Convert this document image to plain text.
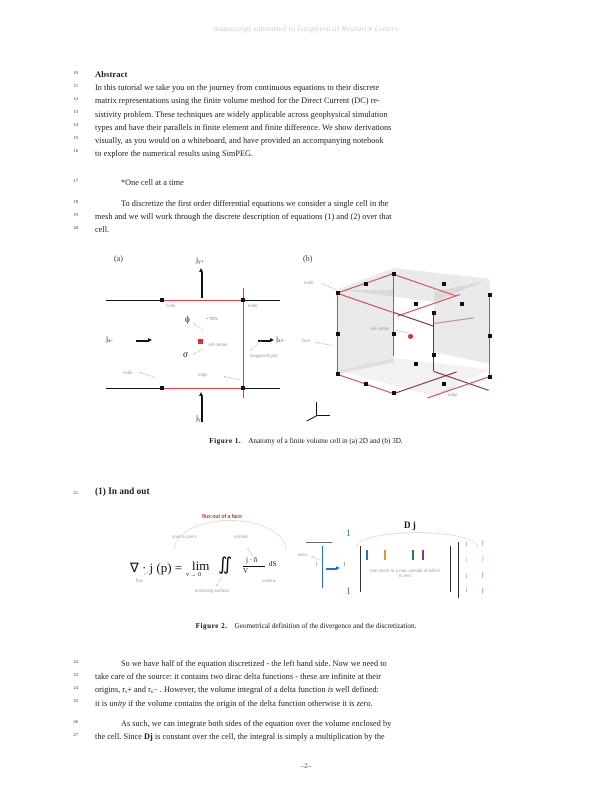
manuscript submitted to Geophysical Research Letters
10
11
12
13
14
15
16
Abstract
In this tutorial we take you on the journey from continuous equations to their discrete
matrix representations using the finite volume method for the Direct Current (DC) re-
sistivity problem. These techniques are widely applicable across geophysical simulation
types and have their parallels in finite element and finite difference. We show derivations
visually, as you would on a whiteboard, and have provided an accompanying notebook
to explore the numerical results using SimPEG.
17	*One cell at a time
18
19
20
To discretize the first order differential equations we consider a single cell in the
mesh and we will work through the discrete description of equations (1) and (2) over that
cell.
(a)
ϕ
σ
$j_{y+}$
$j_{y-}$
$j_{x-}$	$j_{x+}$
node	node
node
cell center
face
edge
staggered grid
(b)
node
face
cell center
edge
Figure 1. Anatomy of a finite volume cell in (a) 2D and (b) 3D.
21 (1) In and out
flux out of a face
∇ · j (p) = lim
v → 0
∬ j · n̂
V
dS
source point	normal
enclosing surface
flux	volume
area
j	j
1
1
D j
non-zeros in a row, outside of which is zero
j
j
j
j
j
j
j
j
Figure 2. Geometrical definition of the divergence and the discretization.
22
23
24
25
So we have half of the equation discretized - the left hand side. Now we need to
take care of the source: it contains two dirac delta functions - these are infinite at their
origins, $r_s+$ and $r_s-$ . However, the volume integral of a delta function is well defined:
it is unity if the volume contains the origin of the delta function otherwise it is zero.
26
27
As such, we can integrate both sides of the equation over the volume enclosed by
the cell. Since Dj is constant over the cell, the integral is simply a multiplication by the
–2–
